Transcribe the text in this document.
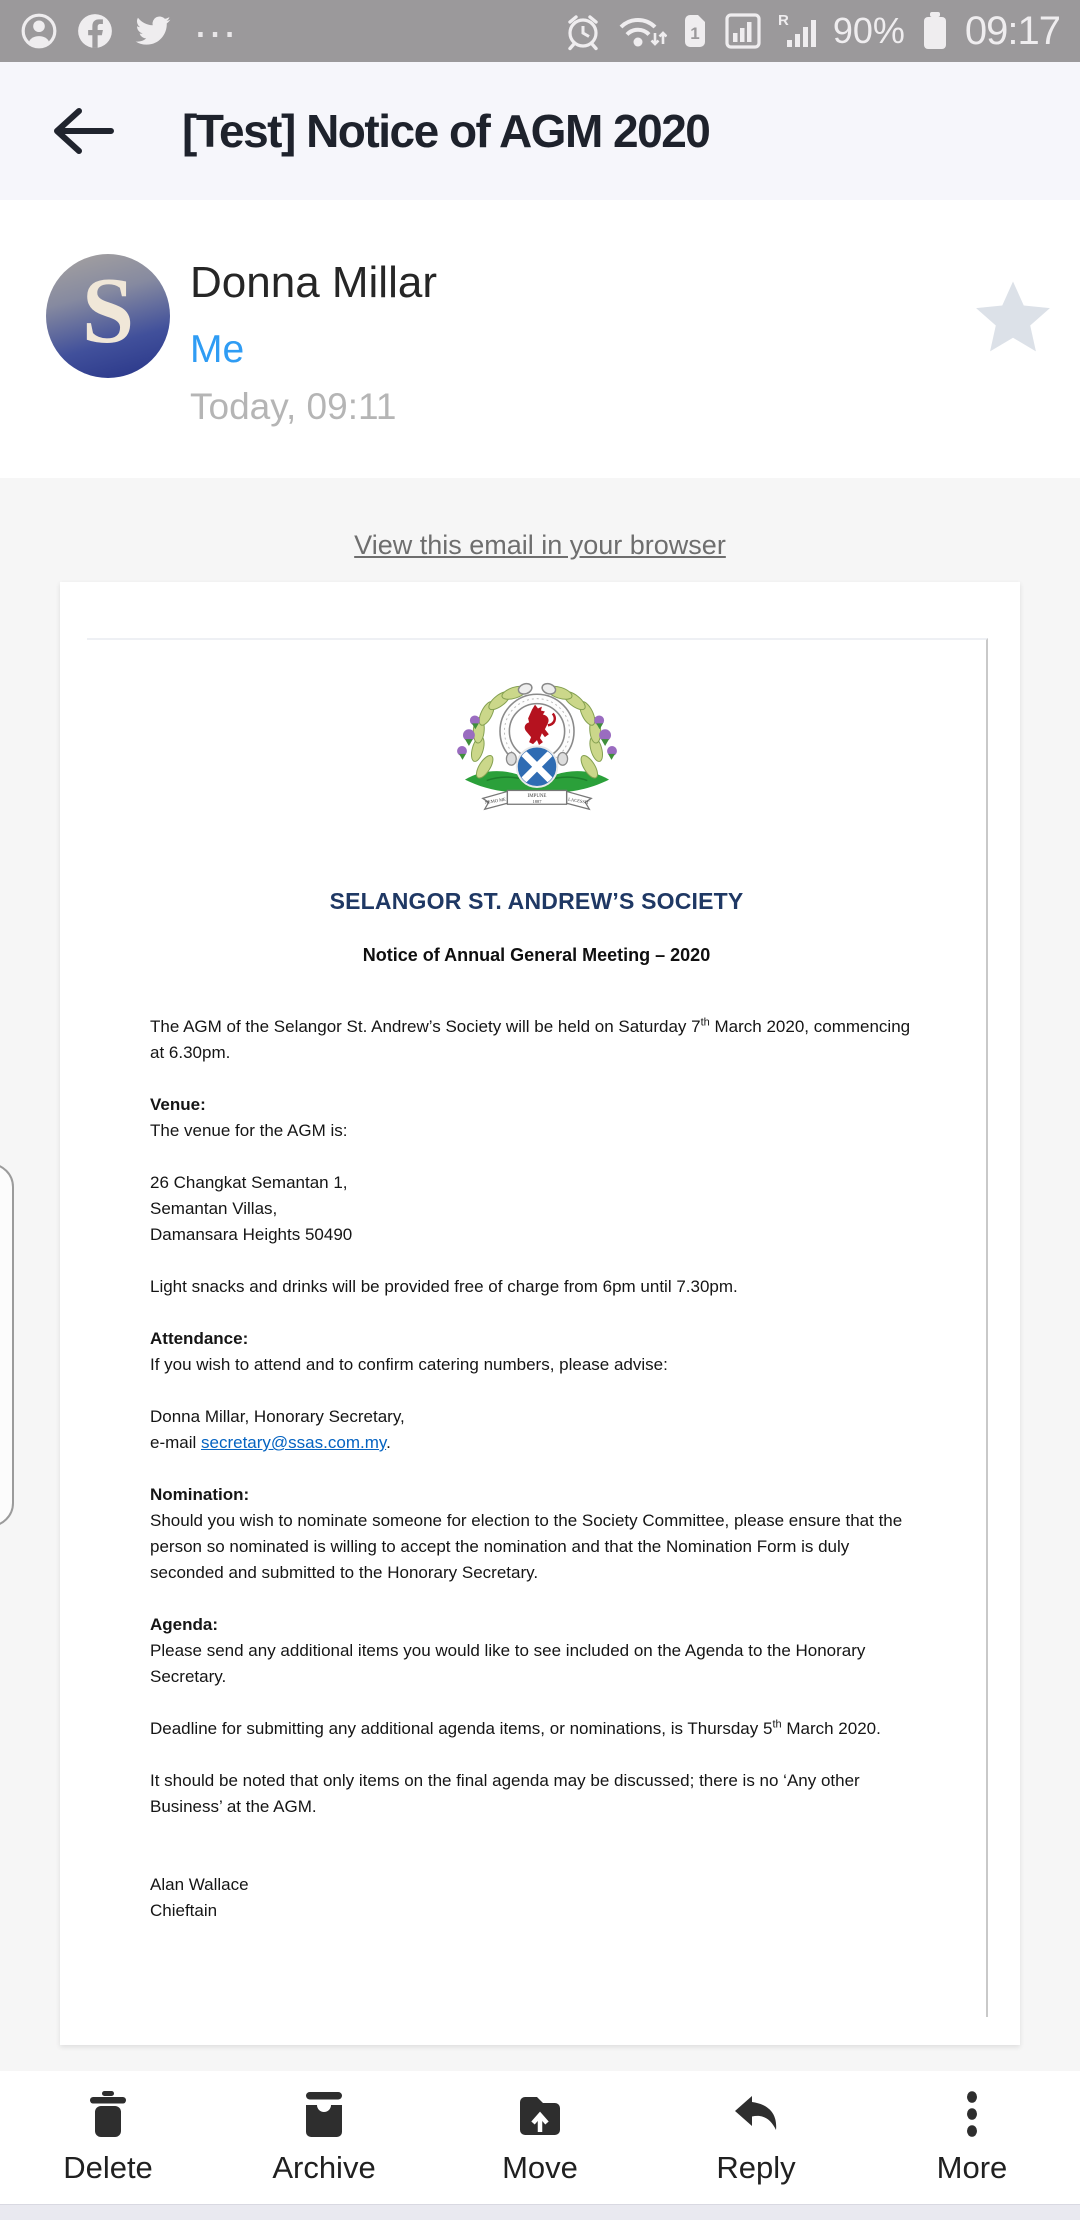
…	1
R 90% 09:17
[Test] Notice of AGM 2020
S Donna Millar

Me
Today, 09:11
View this email in your browser
NEMO ME
IMPUNE
1887	LACESSIT
SELANGOR ST. ANDREW’S SOCIETY
Notice of Annual General Meeting – 2020

The AGM of the Selangor St. Andrew’s Society will be held on Saturday 7th March 2020, commencing at 6.30pm.

Venue:

The venue for the AGM is:

26 Changkat Semantan 1,

Semantan Villas,

Damansara Heights 50490

Light snacks and drinks will be provided free of charge from 6pm until 7.30pm.

Attendance:

If you wish to attend and to confirm catering numbers, please advise:

Donna Millar, Honorary Secretary,

e-mail secretary@ssas.com.my.

Nomination:

Should you wish to nominate someone for election to the Society Committee, please ensure that the person so nominated is willing to accept the nomination and that the Nomination Form is duly seconded and submitted to the Honorary Secretary.

Agenda:

Please send any additional items you would like to see included on the Agenda to the Honorary Secretary.

Deadline for submitting any additional agenda items, or nominations, is Thursday 5th March 2020.

It should be noted that only items on the final agenda may be discussed; there is no ‘Any other Business’ at the AGM.

Alan Wallace

Chieftain

Delete	Archive	Move	Reply	More
